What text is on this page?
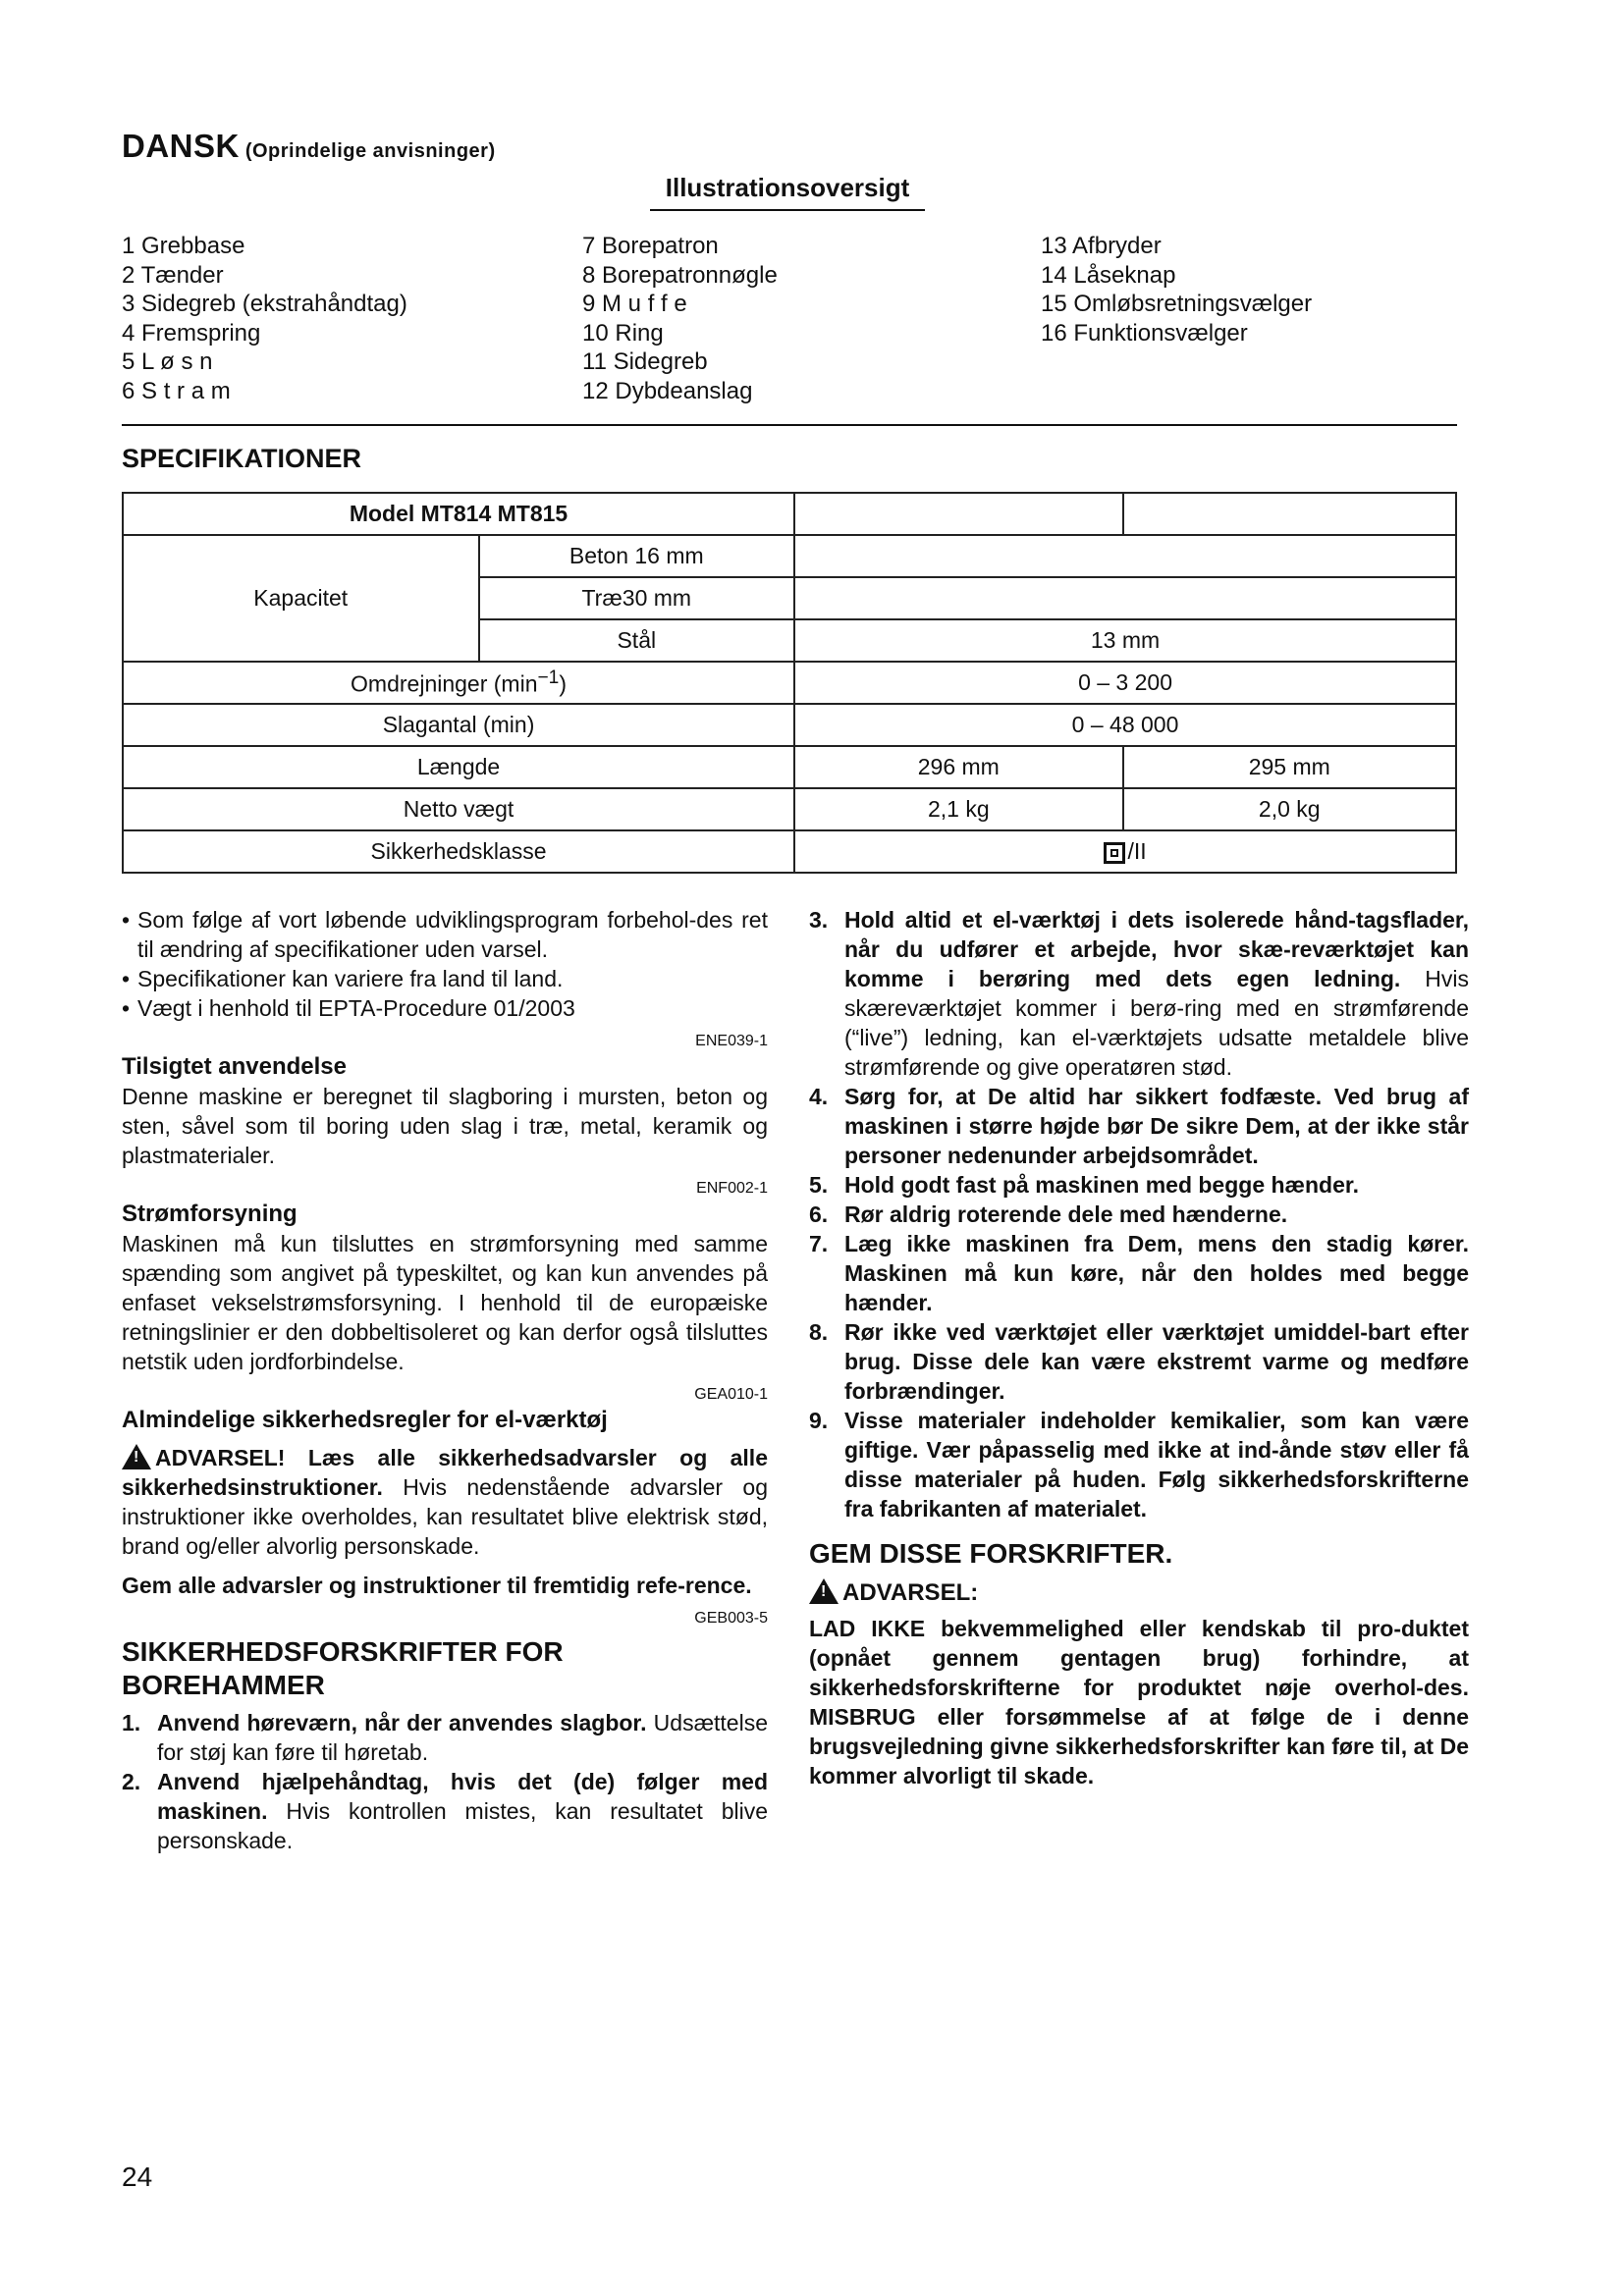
DANSK (Oprindelige anvisninger)
Illustrationsoversigt
1 Grebbase
2 Tænder
3 Sidegreb (ekstrahåndtag)
4 Fremspring
5 L ø s n
6 S t r a m
7 Borepatron
8 Borepatronnøgle
9 M u f f e
10 Ring
11 Sidegreb
12 Dybdeanslag
13 Afbryder
14 Låseknap
15 Omløbsretningsvælger
16 Funktionsvælger
SPECIFIKATIONER
Model MT814 MT815			
Kapacitet	Beton 16 mm		
	Træ30 mm		
	Stål	13 mm	
Omdrejninger $(\min^{-1})$		0 – 3 200	
Slagantal (min)		0 – 48 000	
Længde		296 mm	295 mm
Netto vægt		2,1 kg	2,0 kg
Sikkerhedsklasse		/II	
• Som følge af vort løbende udviklingsprogram forbehol-des ret til ændring af specifikationer uden varsel.
• Specifikationer kan variere fra land til land.
• Vægt i henhold til EPTA-Procedure 01/2003
ENE039-1
Tilsigtet anvendelse
Denne maskine er beregnet til slagboring i mursten, beton og sten, såvel som til boring uden slag i træ, metal, keramik og plastmaterialer.
ENF002-1
Strømforsyning
Maskinen må kun tilsluttes en strømforsyning med samme spænding som angivet på typeskiltet, og kan kun anvendes på enfaset vekselstrømsforsyning. I henhold til de europæiske retningslinier er den dobbeltisoleret og kan derfor også tilsluttes netstik uden jordforbindelse.
GEA010-1
Almindelige sikkerhedsregler for el-værktøj
!ADVARSEL! Læs alle sikkerhedsadvarsler og alle sikkerhedsinstruktioner. Hvis nedenstående advarsler og instruktioner ikke overholdes, kan resultatet blive elektrisk stød, brand og/eller alvorlig personskade.
Gem alle advarsler og instruktioner til fremtidig refe-rence.
GEB003-5
SIKKERHEDSFORSKRIFTER FOR BOREHAMMER
1. Anvend høreværn, når der anvendes slagbor. Udsættelse for støj kan føre til høretab.
2. Anvend hjælpehåndtag, hvis det (de) følger med maskinen. Hvis kontrollen mistes, kan resultatet blive personskade.
3. Hold altid et el-værktøj i dets isolerede hånd-tagsflader, når du udfører et arbejde, hvor skæ-reværktøjet kan komme i berøring med dets egen ledning. Hvis skæreværktøjet kommer i berø-ring med en strømførende (“live”) ledning, kan el-værktøjets udsatte metaldele blive strømførende og give operatøren stød.
4. Sørg for, at De altid har sikkert fodfæste. Ved brug af maskinen i større højde bør De sikre Dem, at der ikke står personer nedenunder arbejdsområdet.
5. Hold godt fast på maskinen med begge hænder.
6. Rør aldrig roterende dele med hænderne.
7. Læg ikke maskinen fra Dem, mens den stadig kører. Maskinen må kun køre, når den holdes med begge hænder.
8. Rør ikke ved værktøjet eller værktøjet umiddel-bart efter brug. Disse dele kan være ekstremt varme og medføre forbrændinger.
9. Visse materialer indeholder kemikalier, som kan være giftige. Vær påpasselig med ikke at ind-ånde støv eller få disse materialer på huden. Følg sikkerhedsforskrifterne fra fabrikanten af materialet.
GEM DISSE FORSKRIFTER.
!ADVARSEL:
LAD IKKE bekvemmelighed eller kendskab til pro-duktet (opnået gennem gentagen brug) forhindre, at sikkerhedsforskrifterne for produktet nøje overhol-des. MISBRUG eller forsømmelse af at følge de i denne brugsvejledning givne sikkerhedsforskrifter kan føre til, at De kommer alvorligt til skade.
24
